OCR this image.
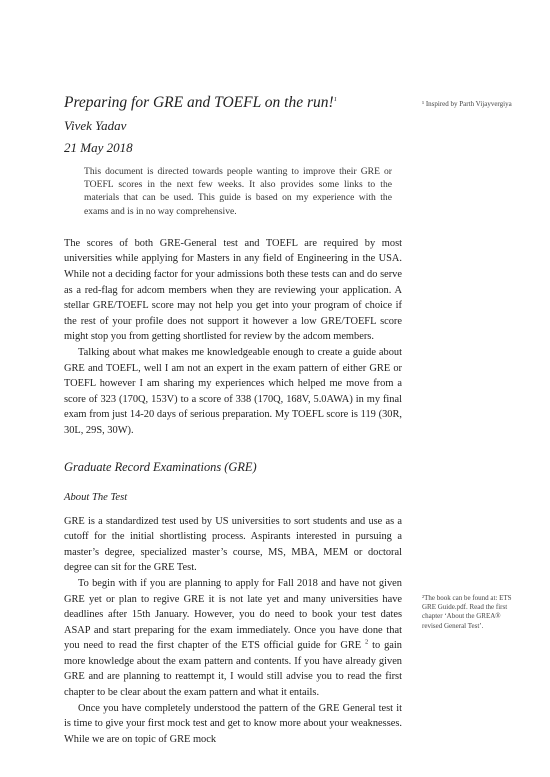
Preparing for GRE and TOEFL on the run!$^1$
Vivek Yadav
21 May 2018

This document is directed towards people wanting to improve their GRE or TOEFL scores in the next few weeks. It also provides some links to the materials that can be used. This guide is based on my experience with the exams and is in no way comprehensive.

The scores of both GRE-General test and TOEFL are required by most universities while applying for Masters in any field of Engineering in the USA. While not a deciding factor for your admissions both these tests can and do serve as a red-flag for adcom members when they are reviewing your application. A stellar GRE/TOEFL score may not help you get into your program of choice if the rest of your profile does not support it however a low GRE/TOEFL score might stop you from getting shortlisted for review by the adcom members.

Talking about what makes me knowledgeable enough to create a guide about GRE and TOEFL, well I am not an expert in the exam pattern of either GRE or TOEFL however I am sharing my experiences which helped me move from a score of 323 (170Q, 153V) to a score of 338 (170Q, 168V, 5.0AWA) in my final exam from just 14-20 days of serious preparation. My TOEFL score is 119 (30R, 30L, 29S, 30W).

Graduate Record Examinations (GRE)
About The Test

GRE is a standardized test used by US universities to sort students and use as a cutoff for the initial shortlisting process. Aspirants interested in pursuing a master’s degree, specialized master’s course, MS, MBA, MEM or doctoral degree can sit for the GRE Test.

To begin with if you are planning to apply for Fall 2018 and have not given GRE yet or plan to regive GRE it is not late yet and many universities have deadlines after 15th January. However, you do need to book your test dates ASAP and start preparing for the exam immediately. Once you have done that you need to read the first chapter of the ETS official guide for GRE $^2$ to gain more knowledge about the exam pattern and contents. If you have already given GRE and are planning to reattempt it, I would still advise you to read the first chapter to be clear about the exam pattern and what it entails.

Once you have completely understood the pattern of the GRE General test it is time to give your first mock test and get to know more about your weaknesses. While we are on topic of GRE mock

¹ Inspired by Parth Vijayvergiya
²The book can be found at: ETS GRE Guide.pdf. Read the first chapter ‘About the GREA® revised General Test’.
